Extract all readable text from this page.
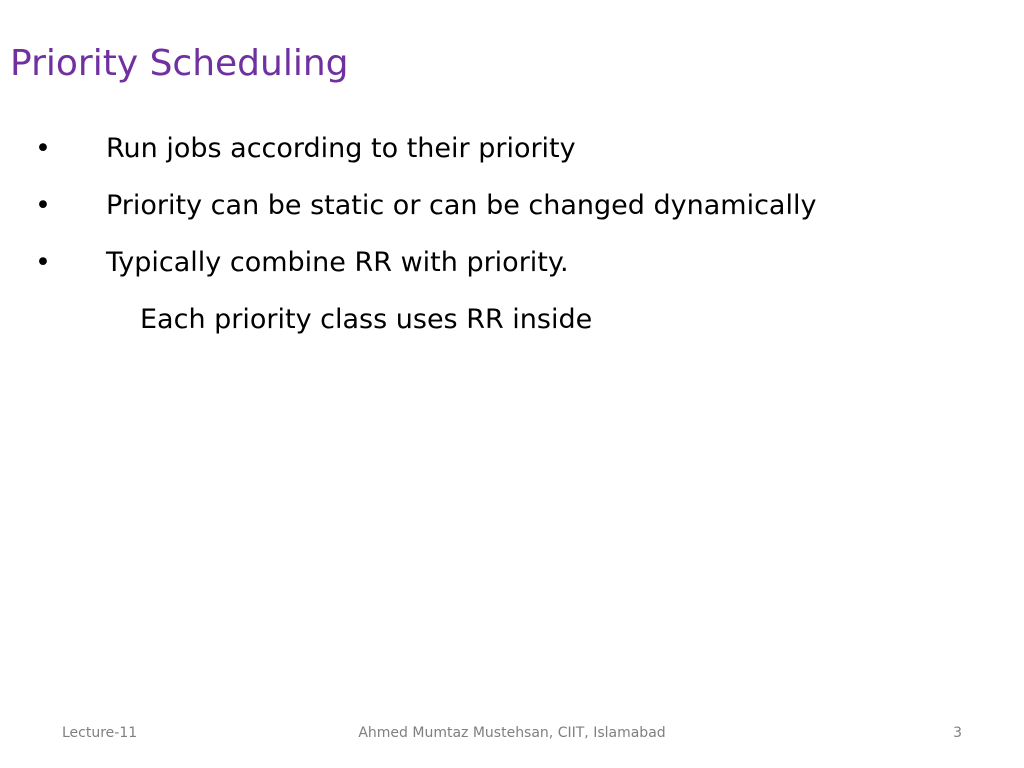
Priority Scheduling
• Run jobs according to their priority
• Priority can be static or can be changed dynamically
• Typically combine RR with priority.
Each priority class uses RR inside
Lecture-11	Ahmed Mumtaz Mustehsan, CIIT, Islamabad	3
